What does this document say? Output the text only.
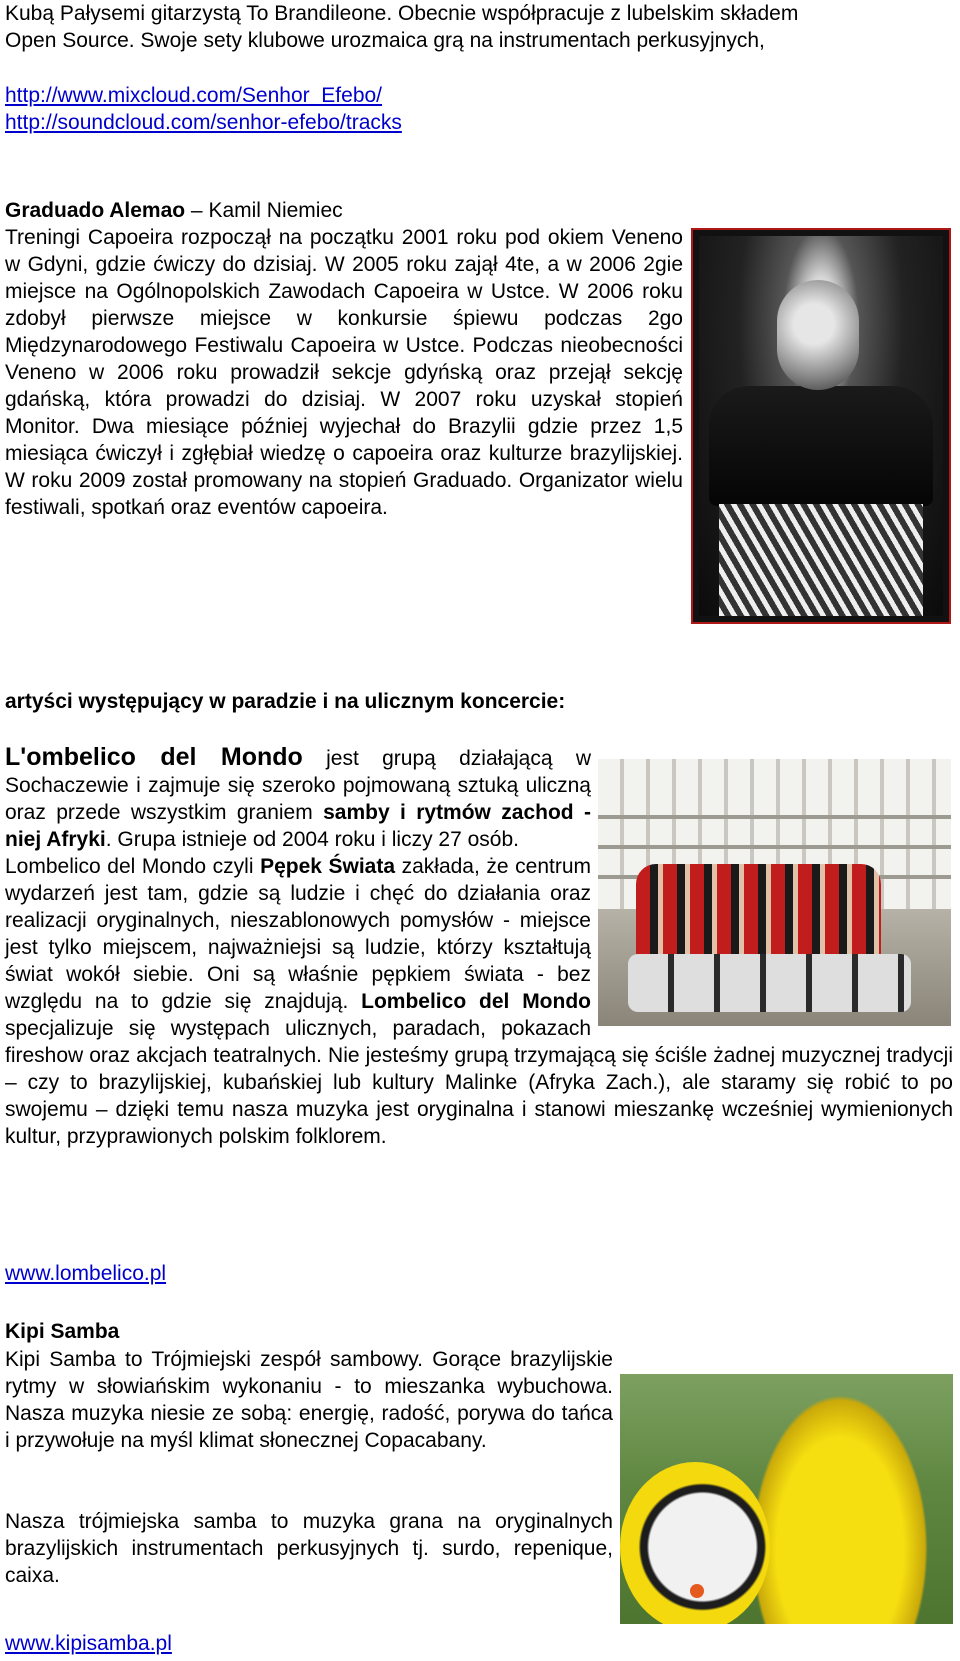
Kubą Pałysemi gitarzystą To Brandileone. Obecnie współpracuje z lubelskim składem

Open Source. Swoje sety klubowe urozmaica grą na instrumentach perkusyjnych,

http://www.mixcloud.com/Senhor_Efebo/

http://soundcloud.com/senhor-efebo/tracks

Graduado Alemao – Kamil Niemiec

Treningi Capoeira rozpoczął na początku 2001 roku pod okiem Veneno w Gdyni, gdzie ćwiczy do dzisiaj. W 2005 roku zajął 4te, a w 2006 2gie miejsce na Ogólnopolskich Zawodach Capoeira w Ustce. W 2006 roku zdobył pierwsze miejsce w konkursie śpiewu podczas 2go Międzynarodowego Festiwalu Capoeira w Ustce. Podczas nieobecności Veneno w 2006 roku prowadził sekcje gdyńską oraz przejął sekcję gdańską, która prowadzi do dzisiaj. W 2007 roku uzyskał stopień Monitor. Dwa miesiące później wyjechał do Brazylii gdzie przez 1,5 miesiąca ćwiczył i zgłębiał wiedzę o capoeira oraz kulturze brazylijskiej. W roku 2009 został promowany na stopień Graduado. Organizator wielu festiwali, spotkań oraz eventów capoeira.

artyści występujący w paradzie i na ulicznym koncercie:

L'ombelico del Mondo jest grupą działającą w Sochaczewie i zajmuje się szeroko pojmowaną sztuką uliczną oraz przede wszystkim graniem samby i rytmów zachod - niej Afryki. Grupa istnieje od 2004 roku i liczy 27 osób.

Lombelico del Mondo czyli Pępek Świata zakłada, że centrum wydarzeń jest tam, gdzie są ludzie i chęć do działania oraz realizacji oryginalnych, nieszablonowych pomysłów - miejsce jest tylko miejscem, najważniejsi są ludzie, którzy kształtują świat wokół siebie. Oni są właśnie pępkiem świata - bez względu na to gdzie się znajdują. Lombelico del Mondo specjalizuje się występach ulicznych, paradach, pokazach fireshow oraz akcjach teatralnych. Nie jesteśmy grupą trzymającą się ściśle żadnej muzycznej tradycji – czy to brazylijskiej, kubańskiej lub kultury Malinke (Afryka Zach.), ale staramy się robić to po swojemu – dzięki temu nasza muzyka jest oryginalna i stanowi mieszankę wcześniej wymienionych kultur, przyprawionych polskim folklorem.

www.lombelico.pl

Kipi Samba

Kipi Samba to Trójmiejski zespół sambowy. Gorące brazylijskie rytmy w słowiańskim wykonaniu - to mieszanka wybuchowa. Nasza muzyka niesie ze sobą: energię, radość, porywa do tańca i przywołuje na myśl klimat słonecznej Copacabany.

Nasza trójmiejska samba to muzyka grana na oryginalnych brazylijskich instrumentach perkusyjnych tj. surdo, repenique, caixa.

www.kipisamba.pl
